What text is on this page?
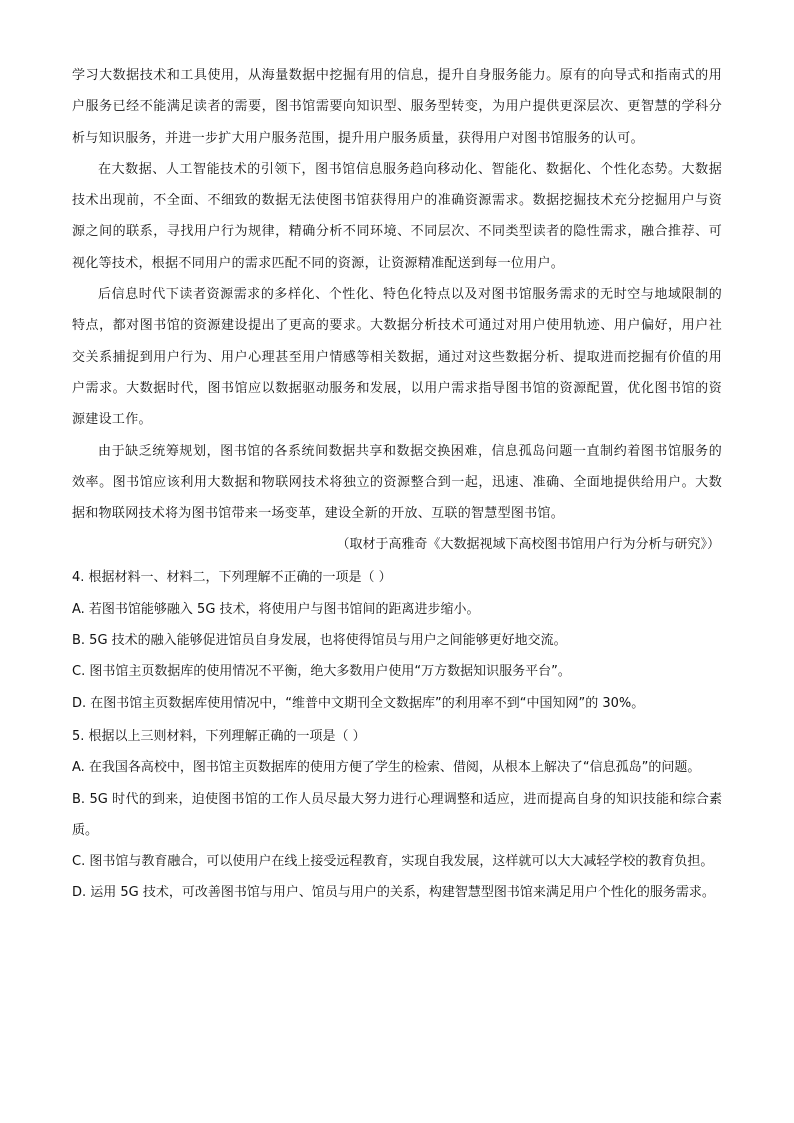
学习大数据技术和工具使用，从海量数据中挖掘有用的信息，提升自身服务能力。原有的向导式和指南式的用户服务已经不能满足读者的需要，图书馆需要向知识型、服务型转变，为用户提供更深层次、更智慧的学科分析与知识服务，并进一步扩大用户服务范围，提升用户服务质量，获得用户对图书馆服务的认可。

在大数据、人工智能技术的引领下，图书馆信息服务趋向移动化、智能化、数据化、个性化态势。大数据技术出现前，不全面、不细致的数据无法使图书馆获得用户的准确资源需求。数据挖掘技术充分挖掘用户与资源之间的联系，寻找用户行为规律，精确分析不同环境、不同层次、不同类型读者的隐性需求，融合推荐、可视化等技术，根据不同用户的需求匹配不同的资源，让资源精准配送到每一位用户。

后信息时代下读者资源需求的多样化、个性化、特色化特点以及对图书馆服务需求的无时空与地域限制的特点，都对图书馆的资源建设提出了更高的要求。大数据分析技术可通过对用户使用轨迹、用户偏好，用户社交关系捕捉到用户行为、用户心理甚至用户情感等相关数据，通过对这些数据分析、提取进而挖掘有价值的用户需求。大数据时代，图书馆应以数据驱动服务和发展，以用户需求指导图书馆的资源配置，优化图书馆的资源建设工作。

由于缺乏统筹规划，图书馆的各系统间数据共享和数据交换困难，信息孤岛问题一直制约着图书馆服务的效率。图书馆应该利用大数据和物联网技术将独立的资源整合到一起，迅速、准确、全面地提供给用户。大数据和物联网技术将为图书馆带来一场变革，建设全新的开放、互联的智慧型图书馆。

（取材于高雅奇《大数据视域下高校图书馆用户行为分析与研究》）

4. 根据材料一、材料二，下列理解不正确的一项是（ ）

A. 若图书馆能够融入 5G 技术，将使用户与图书馆间的距离进步缩小。

B. 5G 技术的融入能够促进馆员自身发展，也将使得馆员与用户之间能够更好地交流。

C. 图书馆主页数据库的使用情况不平衡，绝大多数用户使用“万方数据知识服务平台”。

D. 在图书馆主页数据库使用情况中，“维普中文期刊全文数据库”的利用率不到“中国知网”的 30%。

5. 根据以上三则材料，下列理解正确的一项是（ ）

A. 在我国各高校中，图书馆主页数据库的使用方便了学生的检索、借阅，从根本上解决了“信息孤岛”的问题。

B. 5G 时代的到来，迫使图书馆的工作人员尽最大努力进行心理调整和适应，进而提高自身的知识技能和综合素质。

C. 图书馆与教育融合，可以使用户在线上接受远程教育，实现自我发展，这样就可以大大减轻学校的教育负担。

D. 运用 5G 技术，可改善图书馆与用户、馆员与用户的关系，构建智慧型图书馆来满足用户个性化的服务需求。
